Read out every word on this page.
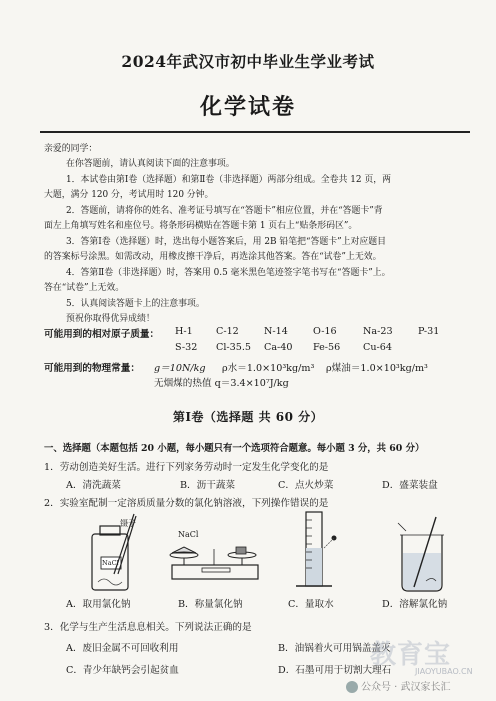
2024年武汉市初中毕业生学业考试
化学试卷
亲爱的同学：
在你答题前，请认真阅读下面的注意事项。
1．本试卷由第Ⅰ卷（选择题）和第Ⅱ卷（非选择题）两部分组成。全卷共 12 页，两
大题，满分 120 分，考试用时 120 分钟。
2．答题前，请将你的姓名、准考证号填写在“答题卡”相应位置，并在“答题卡”背
面左上角填写姓名和座位号。将条形码横贴在答题卡第 1 页右上“贴条形码区”。
3．答第Ⅰ卷（选择题）时，选出每小题答案后，用 2B 铅笔把“答题卡”上对应题目
的答案标号涂黑。如需改动，用橡皮擦干净后，再选涂其他答案。答在“试卷”上无效。
4．答第Ⅱ卷（非选择题）时，答案用 0.5 毫米黑色笔迹签字笔书写在“答题卡”上。
答在“试卷”上无效。
5．认真阅读答题卡上的注意事项。
预祝你取得优异成绩！
可能用到的相对原子质量： H-1 C-12	N-14	O-16	Na-23	P-31
S-32 Cl-35.5 Ca-40 Fe-56 Cu-64
可能用到的物理常量： g＝10N/kg ρ水＝1.0×10³kg/m³ ρ煤油＝1.0×10³kg/m³
无烟煤的热值 q＝3.4×10⁷J/kg
第Ⅰ卷（选择题 共 60 分）
一、选择题（本题包括 20 小题，每小题只有一个选项符合题意。每小题 3 分，共 60 分）
1．劳动创造美好生活。进行下列家务劳动时一定发生化学变化的是
A．清洗蔬菜	B．沥干蔬菜	C．点火炒菜	D．盛菜装盘
2．实验室配制一定溶质质量分数的氯化钠溶液，下列操作错误的是
镊子
NaCl
NaCl
A．取用氯化钠	B．称量氯化钠	C．量取水	D．溶解氯化钠
3．化学与生产生活息息相关。下列说法正确的是
A．废旧金属不可回收利用	B．油锅着火可用锅盖盖灭
C．青少年缺钙会引起贫血	D．石墨可用于切割大理石
教育宝
JIAOYUBAO.CN
公众号 · 武汉家长汇
